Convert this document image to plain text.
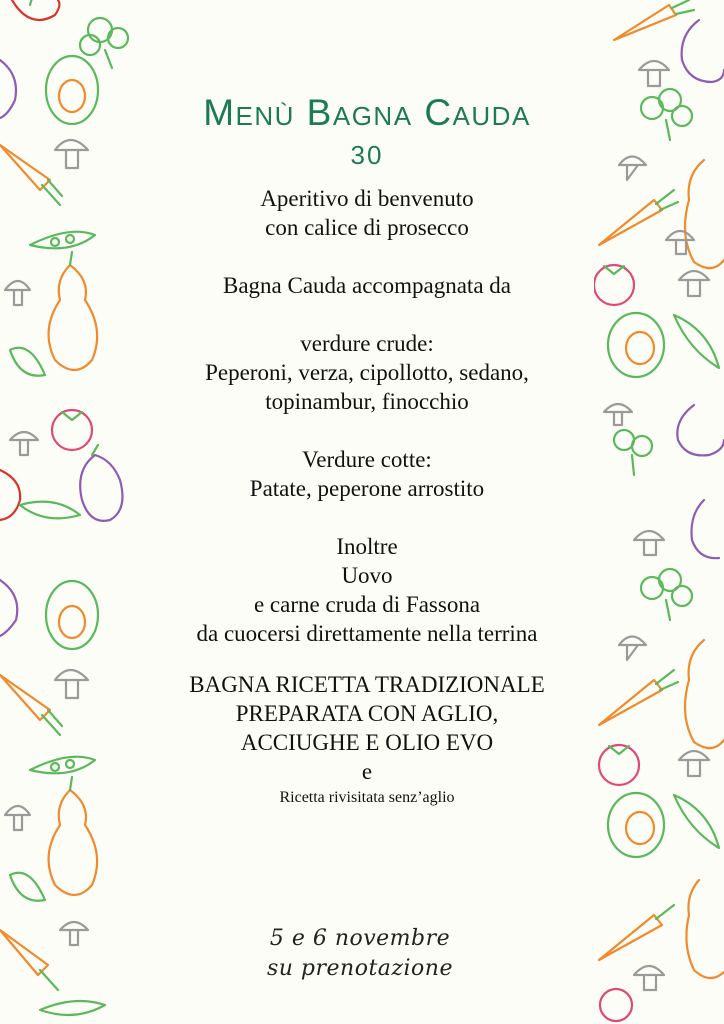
Menù Bagna Cauda
30
Aperitivo di benvenuto
con calice di prosecco
Bagna Cauda accompagnata da
verdure crude:
Peperoni, verza, cipollotto, sedano,
topinambur, finocchio
Verdure cotte:
Patate, peperone arrostito
Inoltre
Uovo
e carne cruda di Fassona
da cuocersi direttamente nella terrina
BAGNA RICETTA TRADIZIONALE
PREPARATA CON AGLIO,
ACCIUGHE E OLIO EVO
e
Ricetta rivisitata senz’aglio
5 e 6 novembre
su prenotazione
